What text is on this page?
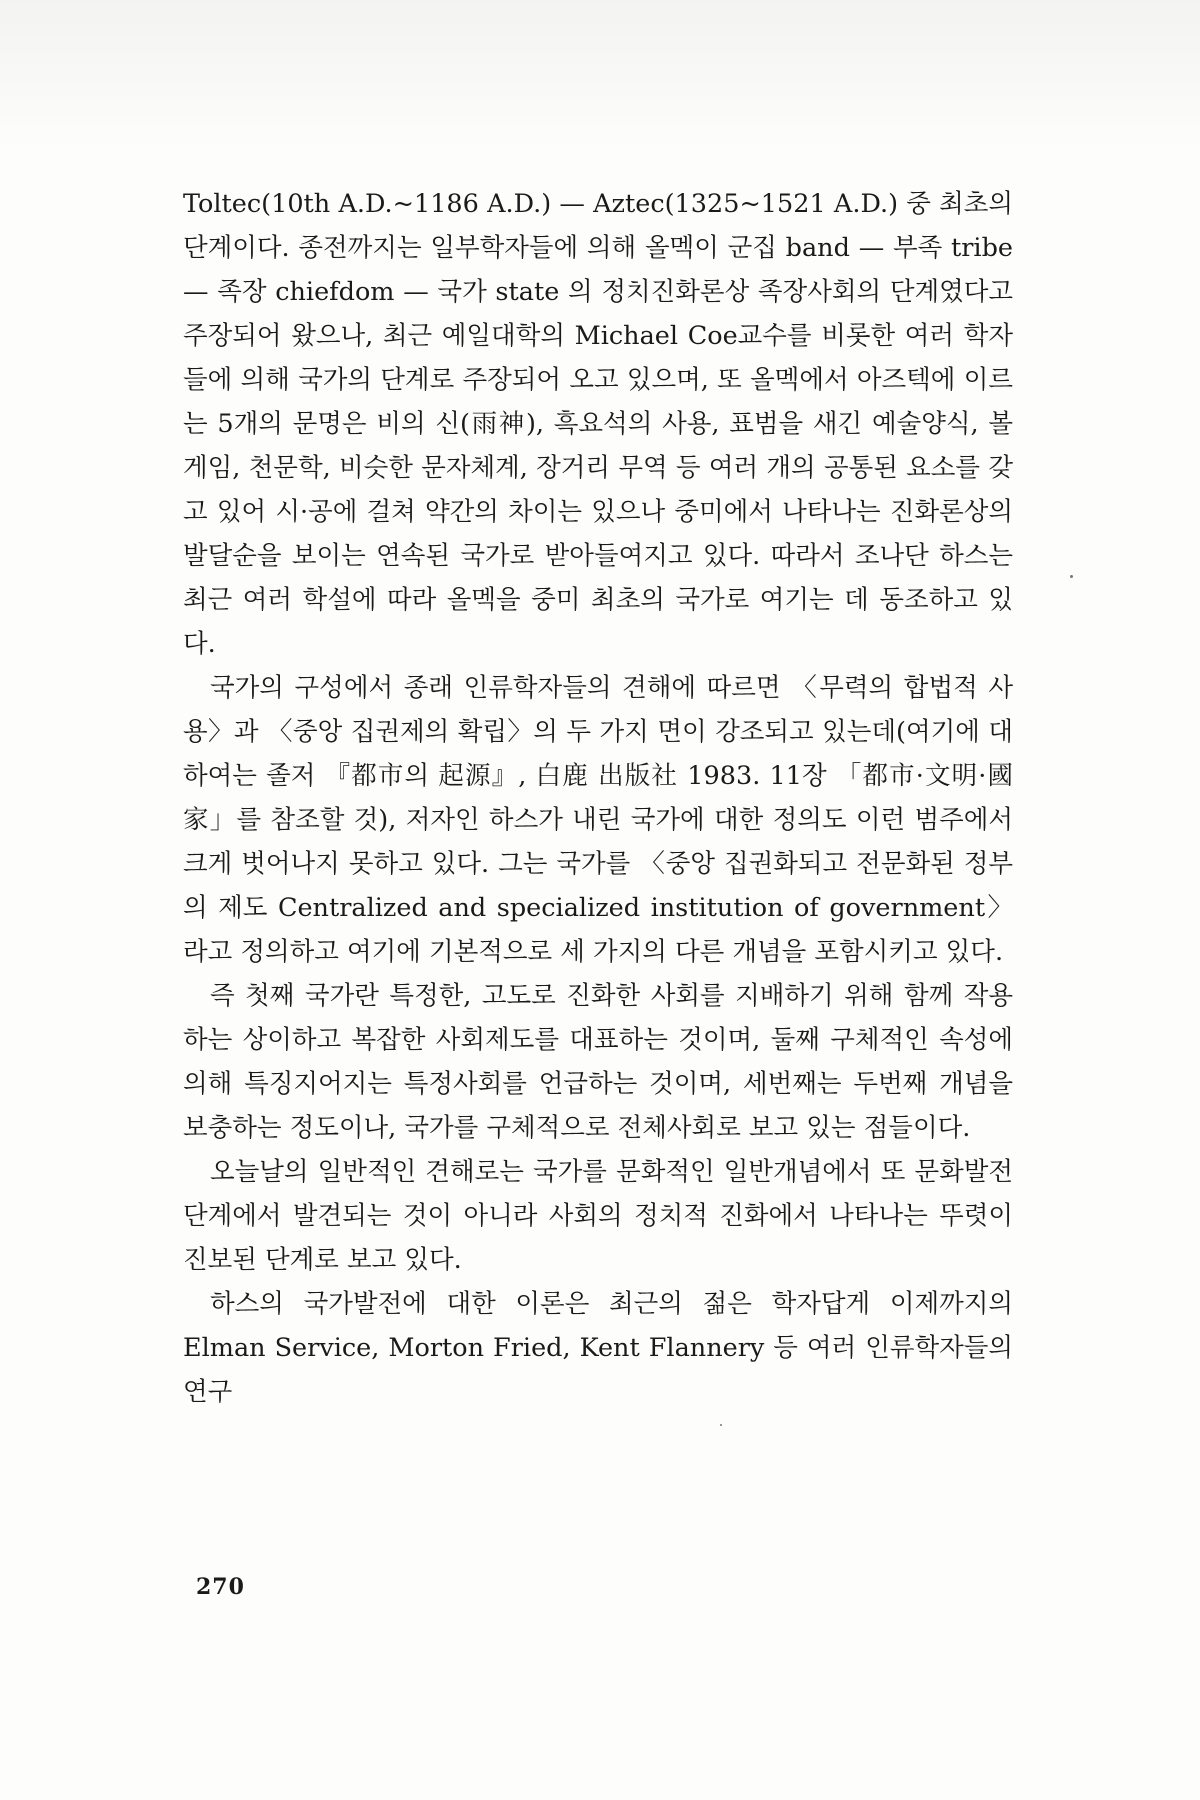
Toltec(10th A.D.~1186 A.D.) — Aztec(1325~1521 A.D.) 중 최초의 단계이다. 종전까지는 일부학자들에 의해 올멕이 군집 band — 부족 tribe — 족장 chiefdom — 국가 state 의 정치진화론상 족장사회의 단계였다고 주장되어 왔으나, 최근 예일대학의 Michael Coe교수를 비롯한 여러 학자들에 의해 국가의 단계로 주장되어 오고 있으며, 또 올멕에서 아즈텍에 이르는 5개의 문명은 비의 신(雨神), 흑요석의 사용, 표범을 새긴 예술양식, 볼 게임, 천문학, 비슷한 문자체계, 장거리 무역 등 여러 개의 공통된 요소를 갖고 있어 시·공에 걸쳐 약간의 차이는 있으나 중미에서 나타나는 진화론상의 발달순을 보이는 연속된 국가로 받아들여지고 있다. 따라서 조나단 하스는 최근 여러 학설에 따라 올멕을 중미 최초의 국가로 여기는 데 동조하고 있다.

국가의 구성에서 종래 인류학자들의 견해에 따르면 〈무력의 합법적 사용〉과 〈중앙 집권제의 확립〉의 두 가지 면이 강조되고 있는데(여기에 대하여는 졸저 『都市의 起源』, 白鹿 出版社 1983. 11장 「都市·文明·國家」를 참조할 것), 저자인 하스가 내린 국가에 대한 정의도 이런 범주에서 크게 벗어나지 못하고 있다. 그는 국가를 〈중앙 집권화되고 전문화된 정부의 제도 Centralized and specialized institution of government〉라고 정의하고 여기에 기본적으로 세 가지의 다른 개념을 포함시키고 있다.

즉 첫째 국가란 특정한, 고도로 진화한 사회를 지배하기 위해 함께 작용하는 상이하고 복잡한 사회제도를 대표하는 것이며, 둘째 구체적인 속성에 의해 특징지어지는 특정사회를 언급하는 것이며, 세번째는 두번째 개념을 보충하는 정도이나, 국가를 구체적으로 전체사회로 보고 있는 점들이다.

오늘날의 일반적인 견해로는 국가를 문화적인 일반개념에서 또 문화발전 단계에서 발견되는 것이 아니라 사회의 정치적 진화에서 나타나는 뚜렷이 진보된 단계로 보고 있다.

하스의 국가발전에 대한 이론은 최근의 젊은 학자답게 이제까지의 Elman Service, Morton Fried, Kent Flannery 등 여러 인류학자들의 연구

270
